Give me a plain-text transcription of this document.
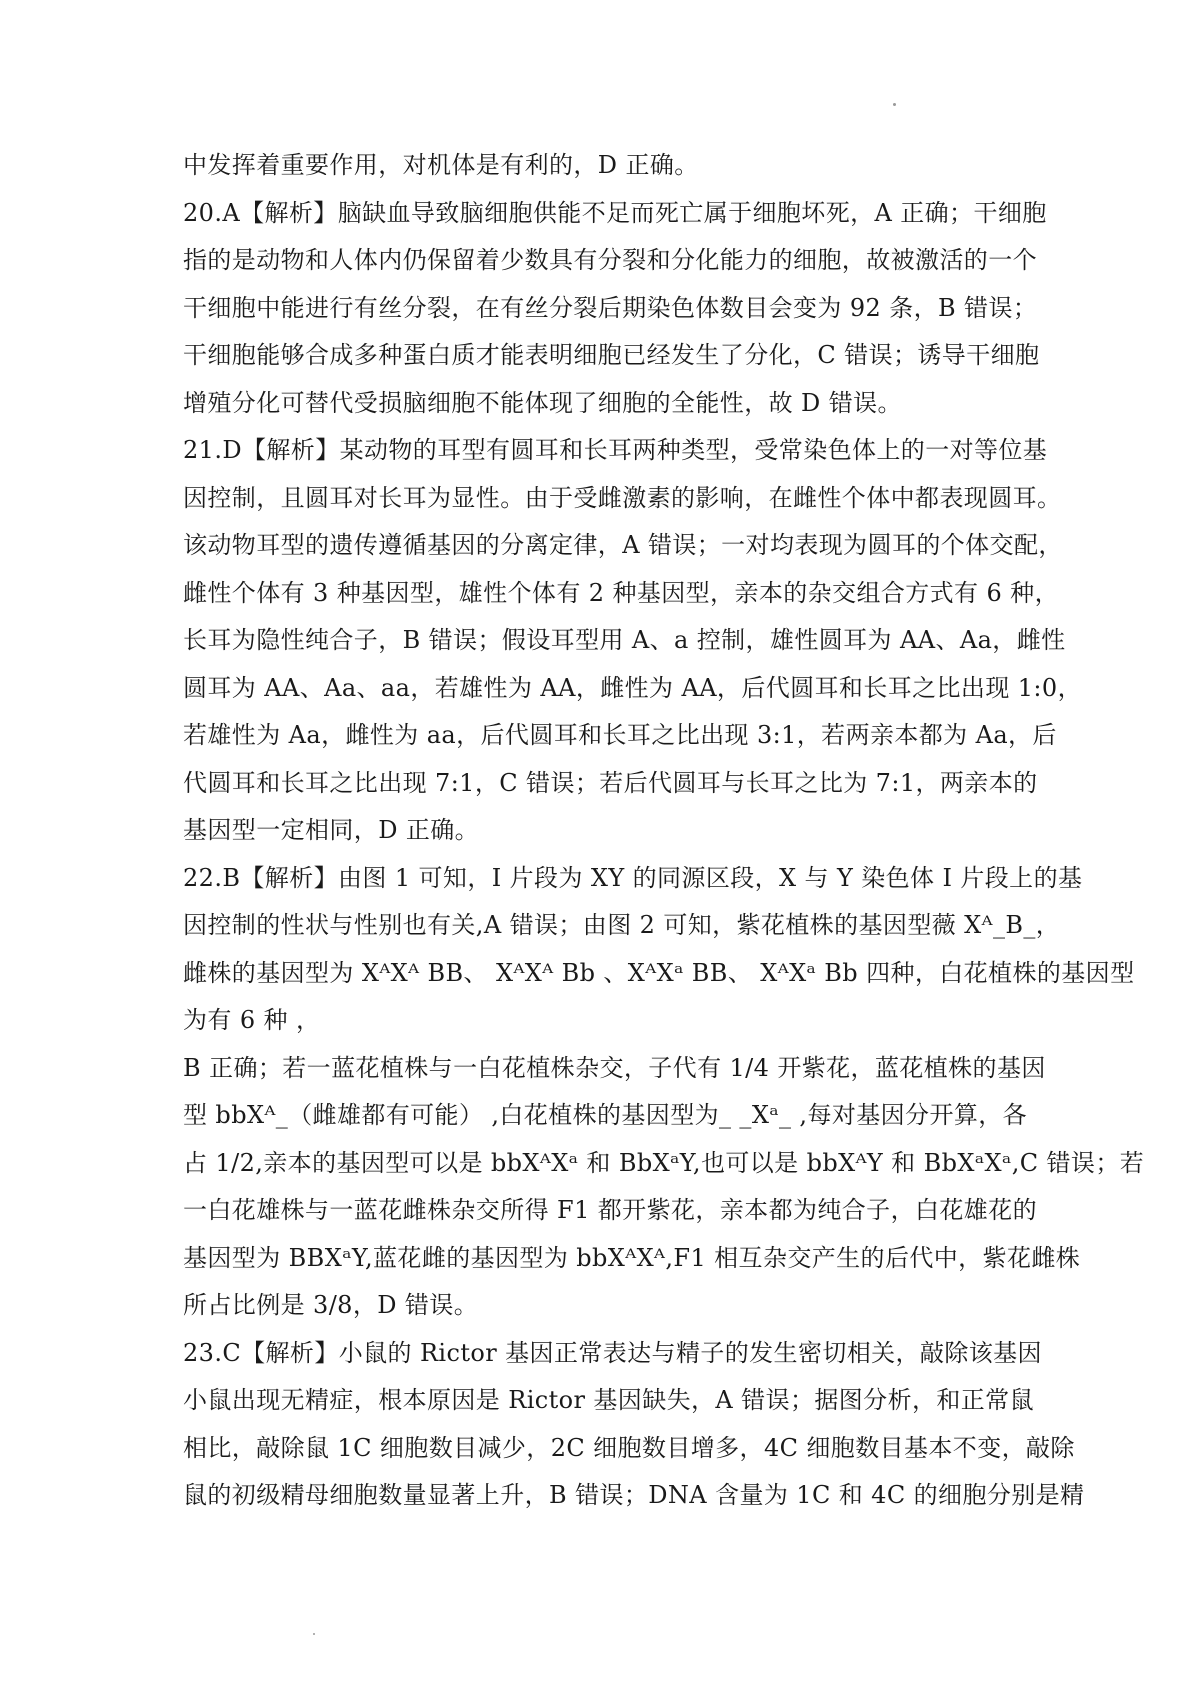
中发挥着重要作用，对机体是有利的，D 正确。
20.A【解析】脑缺血导致脑细胞供能不足而死亡属于细胞坏死，A 正确；干细胞
指的是动物和人体内仍保留着少数具有分裂和分化能力的细胞，故被激活的一个
干细胞中能进行有丝分裂，在有丝分裂后期染色体数目会变为 92 条，B 错误；
干细胞能够合成多种蛋白质才能表明细胞已经发生了分化，C 错误；诱导干细胞
增殖分化可替代受损脑细胞不能体现了细胞的全能性，故 D 错误。
21.D【解析】某动物的耳型有圆耳和长耳两种类型，受常染色体上的一对等位基
因控制，且圆耳对长耳为显性。由于受雌激素的影响，在雌性个体中都表现圆耳。
该动物耳型的遗传遵循基因的分离定律，A 错误；一对均表现为圆耳的个体交配，
雌性个体有 3 种基因型，雄性个体有 2 种基因型，亲本的杂交组合方式有 6 种，
长耳为隐性纯合子，B 错误；假设耳型用 A、a 控制，雄性圆耳为 AA、Aa，雌性
圆耳为 AA、Aa、aa，若雄性为 AA，雌性为 AA，后代圆耳和长耳之比出现 1:0，
若雄性为 Aa，雌性为 aa，后代圆耳和长耳之比出现 3:1，若两亲本都为 Aa，后
代圆耳和长耳之比出现 7:1，C 错误；若后代圆耳与长耳之比为 7:1，两亲本的
基因型一定相同，D 正确。
22.B【解析】由图 1 可知，I 片段为 XY 的同源区段，X 与 Y 染色体 I 片段上的基
因控制的性状与性别也有关,A 错误；由图 2 可知，紫花植株的基因型薇 Xᴬ_B_，
雌株的基因型为 XᴬXᴬ BB、 XᴬXᴬ Bb 、XᴬXᵃ BB、 XᴬXᵃ Bb 四种，白花植株的基因型
为有 6 种 ，
B 正确；若一蓝花植株与一白花植株杂交，子代有 1/4 开紫花，蓝花植株的基因
型 bbXᴬ_（雌雄都有可能） ,白花植株的基因型为_ _Xᵃ_ ,每对基因分开算，各
占 1/2,亲本的基因型可以是 bbXᴬXᵃ 和 BbXᵃY,也可以是 bbXᴬY 和 BbXᵃXᵃ,C 错误；若
一白花雄株与一蓝花雌株杂交所得 F1 都开紫花，亲本都为纯合子，白花雄花的
基因型为 BBXᵃY,蓝花雌的基因型为 bbXᴬXᴬ,F1 相互杂交产生的后代中，紫花雌株
所占比例是 3/8，D 错误。
23.C【解析】小鼠的 Rictor 基因正常表达与精子的发生密切相关，敲除该基因
小鼠出现无精症，根本原因是 Rictor 基因缺失，A 错误；据图分析，和正常鼠
相比，敲除鼠 1C 细胞数目减少，2C 细胞数目增多，4C 细胞数目基本不变，敲除
鼠的初级精母细胞数量显著上升，B 错误；DNA 含量为 1C 和 4C 的细胞分别是精
